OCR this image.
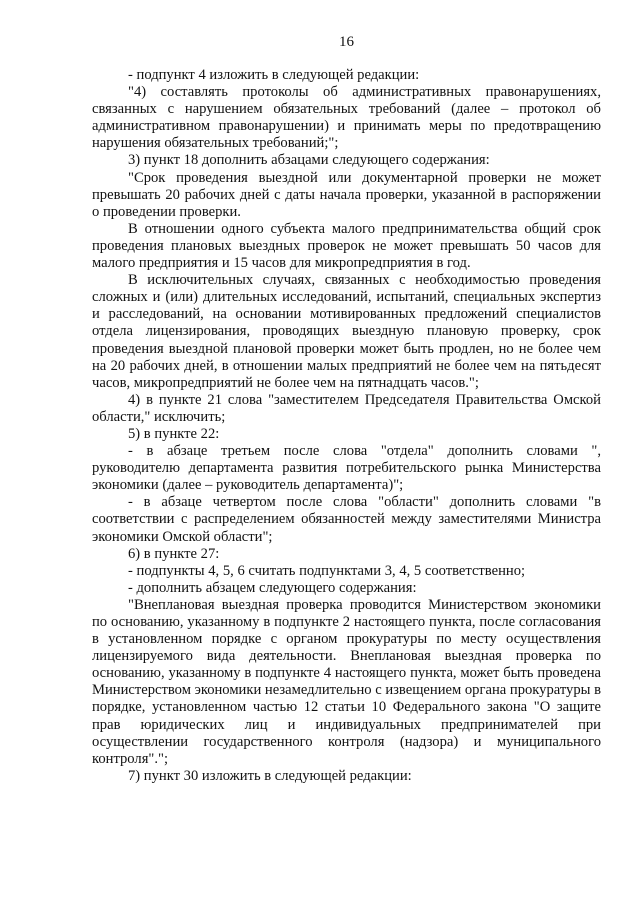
16

- подпункт 4 изложить в следующей редакции:

"4) составлять протоколы об административных правонарушениях, связанных с нарушением обязательных требований (далее – протокол об административном правонарушении) и принимать меры по предотвращению нарушения обязательных требований;";

3) пункт 18 дополнить абзацами следующего содержания:

"Срок проведения выездной или документарной проверки не может превышать 20 рабочих дней с даты начала проверки, указанной в распоряжении о проведении проверки.

В отношении одного субъекта малого предпринимательства общий срок проведения плановых выездных проверок не может превышать 50 часов для малого предприятия и 15 часов для микропредприятия в год.

В исключительных случаях, связанных с необходимостью проведения сложных и (или) длительных исследований, испытаний, специальных экспертиз и расследований, на основании мотивированных предложений специалистов отдела лицензирования, проводящих выездную плановую проверку, срок проведения выездной плановой проверки может быть продлен, но не более чем на 20 рабочих дней, в отношении малых предприятий не более чем на пятьдесят часов, микропредприятий не более чем на пятнадцать часов.";

4) в пункте 21 слова "заместителем Председателя Правительства Омской области," исключить;

5) в пункте 22:

- в абзаце третьем после слова "отдела" дополнить словами ", руководителю департамента развития потребительского рынка Министерства экономики (далее – руководитель департамента)";

- в абзаце четвертом после слова "области" дополнить словами "в соответствии с распределением обязанностей между заместителями Министра экономики Омской области";

6) в пункте 27:

- подпункты 4, 5, 6 считать подпунктами 3, 4, 5 соответственно;

- дополнить абзацем следующего содержания:

"Внеплановая выездная проверка проводится Министерством экономики по основанию, указанному в подпункте 2 настоящего пункта, после согласования в установленном порядке с органом прокуратуры по месту осуществления лицензируемого вида деятельности. Внеплановая выездная проверка по основанию, указанному в подпункте 4 настоящего пункта, может быть проведена Министерством экономики незамедлительно с извещением органа прокуратуры в порядке, установленном частью 12 статьи 10 Федерального закона "О защите прав юридических лиц и индивидуальных предпринимателей при осуществлении государственного контроля (надзора) и муниципального контроля".";

7) пункт 30 изложить в следующей редакции:
